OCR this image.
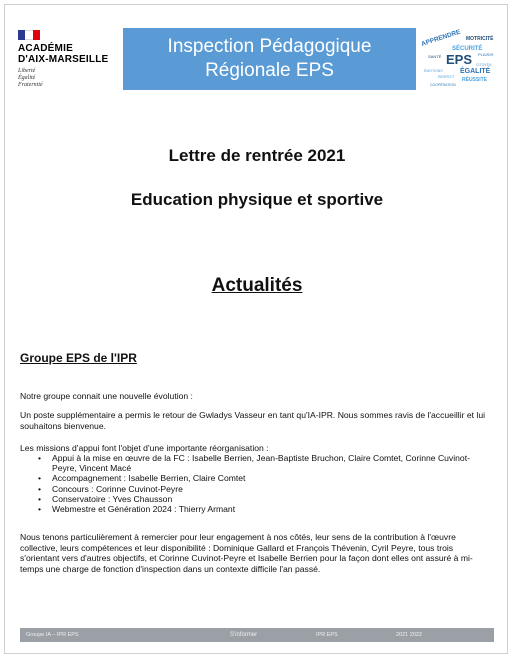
ACADÉMIE
D'AIX-MARSEILLE
Liberté
Égalité
Fraternité
Inspection Pédagogique
Régionale EPS
APPRENDRE MOTRICITÉ
SÉCURITÉ
EPS
ÉGALITÉ
RÉUSSITE
ÉMOTIONS
PLAISIR
SANTÉ
RESPECT
CITOYEN
COOPÉRATION
Lettre de rentrée 2021
Education physique et sportive
Actualités
Groupe EPS de l'IPR
Notre groupe connait une nouvelle évolution :
Un poste supplémentaire a permis le retour de Gwladys Vasseur en tant qu'IA-IPR. Nous sommes ravis de l'accueillir et lui souhaitons bienvenue.
Les missions d'appui font l'objet d'une importante réorganisation :
• Appui à la mise en œuvre de la FC : Isabelle Berrien, Jean-Baptiste Bruchon, Claire Comtet, Corinne Cuvinot-Peyre, Vincent Macé
• Accompagnement : Isabelle Berrien, Claire Comtet
• Concours : Corinne Cuvinot-Peyre
• Conservatoire : Yves Chausson
• Webmestre et Génération 2024 : Thierry Armant
Nous tenons particulièrement à remercier pour leur engagement à nos côtés, leur sens de la contribution à l'œuvre collective, leurs compétences et leur disponibilité : Dominique Gallard et François Thévenin, Cyril Peyre, tous trois s'orientant vers d'autres objectifs, et Corinne Cuvinot-Peyre et Isabelle Berrien pour la façon dont elles ont assuré à mi-temps une charge de fonction d'inspection dans un contexte difficile l'an passé.
Groupe IA – IPR EPS	S'informer	IPR EPS	2021 2022
